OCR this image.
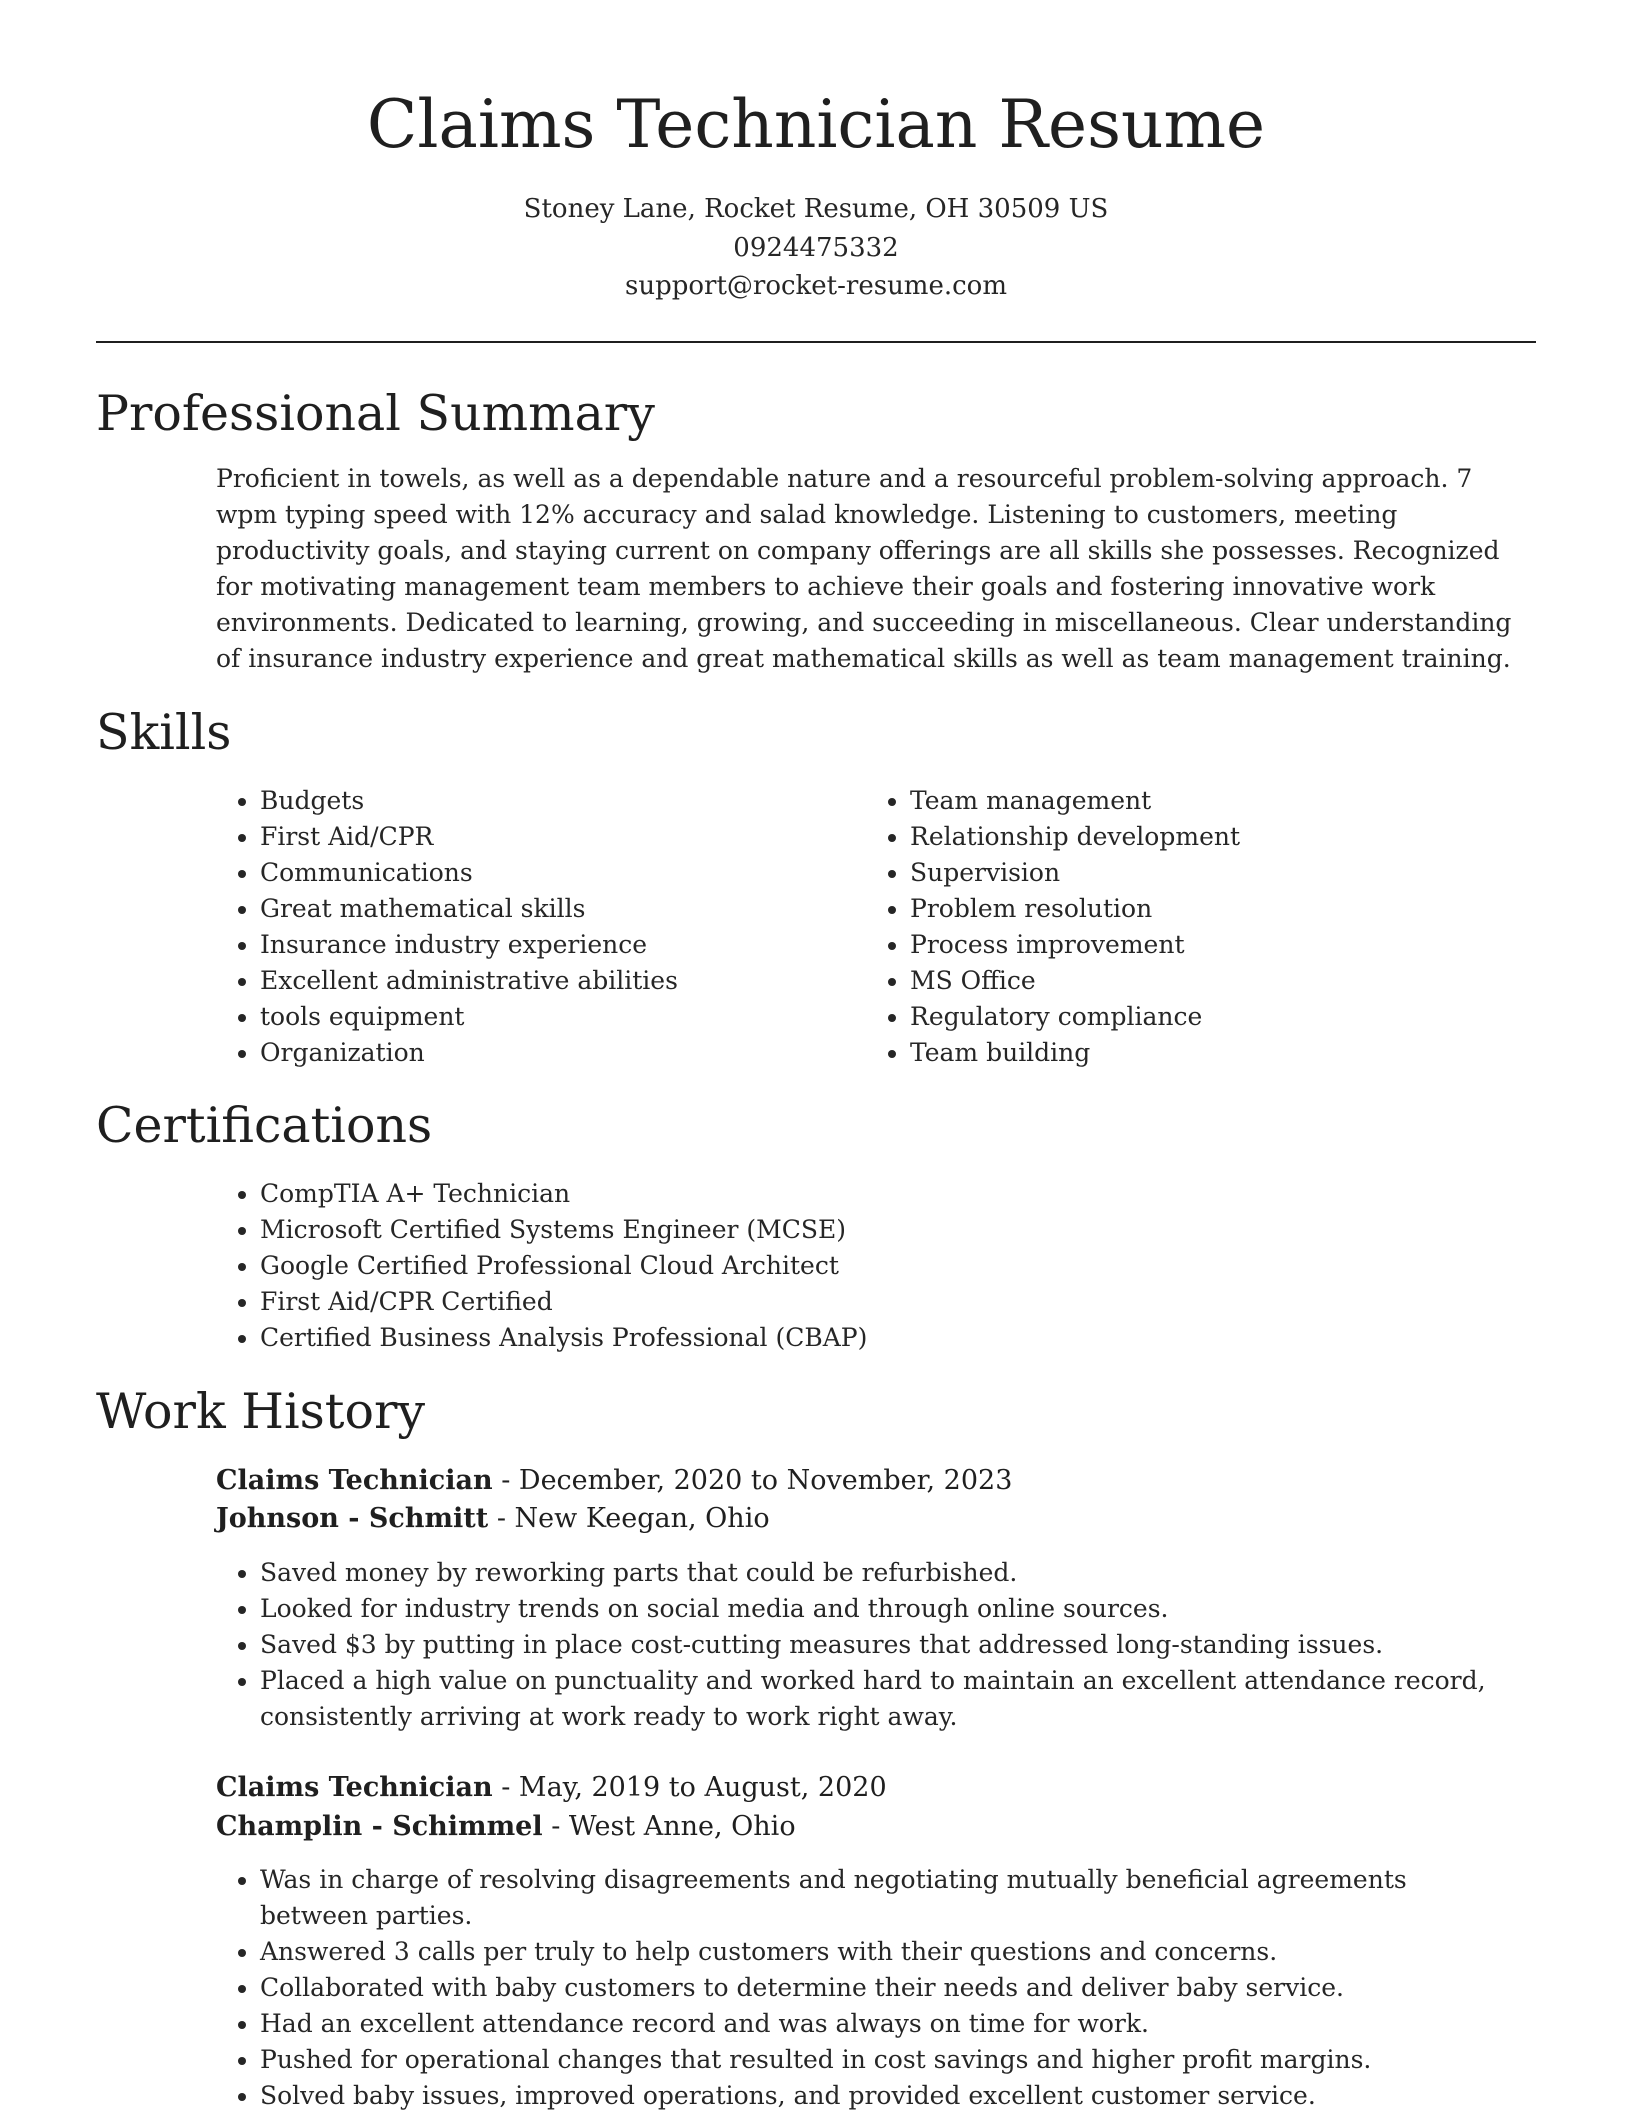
Claims Technician Resume
Stoney Lane, Rocket Resume, OH 30509 US
0924475332
support@rocket-resume.com
Professional Summary

Proficient in towels, as well as a dependable nature and a resourceful problem-solving approach. 7 wpm typing speed with 12% accuracy and salad knowledge. Listening to customers, meeting productivity goals, and staying current on company offerings are all skills she possesses. Recognized for motivating management team members to achieve their goals and fostering innovative work environments. Dedicated to learning, growing, and succeeding in miscellaneous. Clear understanding of insurance industry experience and great mathematical skills as well as team management training.

Skills
• Budgets
• First Aid/CPR
• Communications
• Great mathematical skills
• Insurance industry experience
• Excellent administrative abilities
• tools equipment
• Organization
• Team management
• Relationship development
• Supervision
• Problem resolution
• Process improvement
• MS Office
• Regulatory compliance
• Team building
Certifications
• CompTIA A+ Technician
• Microsoft Certified Systems Engineer (MCSE)
• Google Certified Professional Cloud Architect
• First Aid/CPR Certified
• Certified Business Analysis Professional (CBAP)
Work History
Claims Technician - December, 2020 to November, 2023
Johnson - Schmitt - New Keegan, Ohio
• Saved money by reworking parts that could be refurbished.
• Looked for industry trends on social media and through online sources.
• Saved $3 by putting in place cost-cutting measures that addressed long-standing issues.
• Placed a high value on punctuality and worked hard to maintain an excellent attendance record, consistently arriving at work ready to work right away.
Claims Technician - May, 2019 to August, 2020
Champlin - Schimmel - West Anne, Ohio
• Was in charge of resolving disagreements and negotiating mutually beneficial agreements between parties.
• Answered 3 calls per truly to help customers with their questions and concerns.
• Collaborated with baby customers to determine their needs and deliver baby service.
• Had an excellent attendance record and was always on time for work.
• Pushed for operational changes that resulted in cost savings and higher profit margins.
• Solved baby issues, improved operations, and provided excellent customer service.
